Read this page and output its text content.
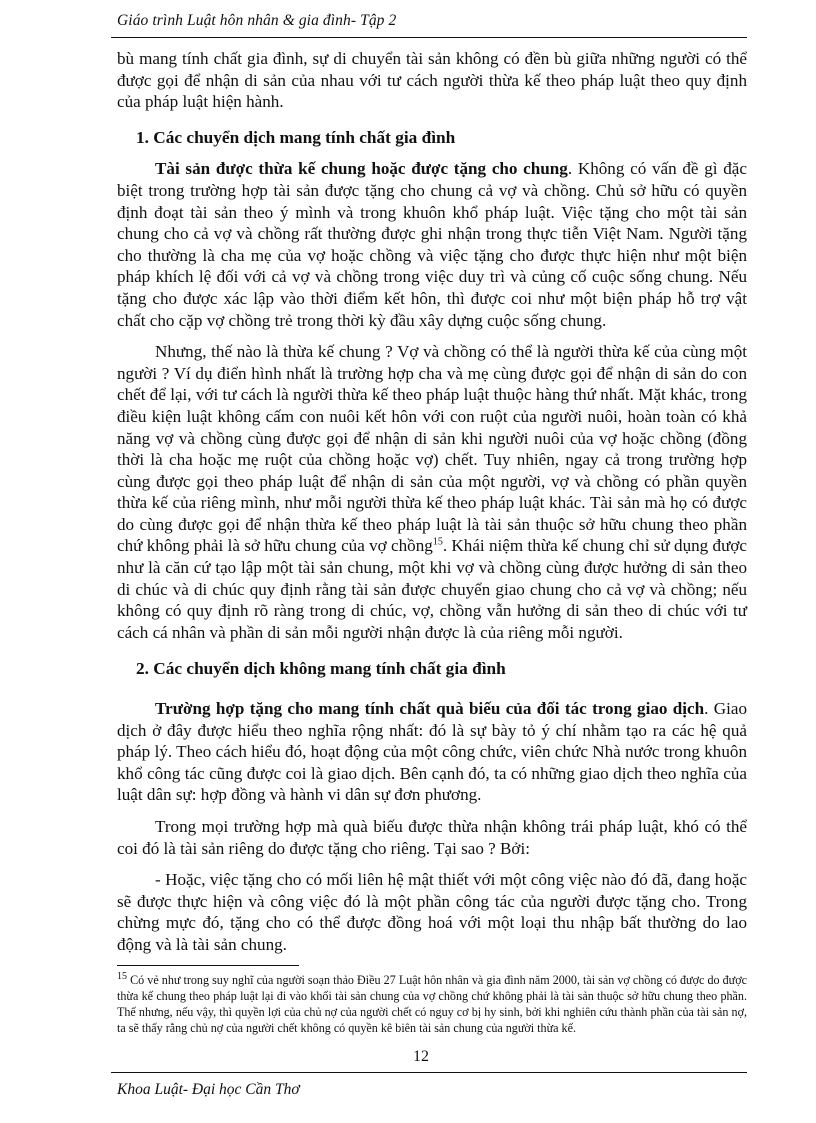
Giáo trình Luật hôn nhân & gia đình- Tập 2

bù mang tính chất gia đình, sự di chuyển tài sản không có đền bù giữa những người có thể được gọi để nhận di sản của nhau với tư cách người thừa kế theo pháp luật theo quy định của pháp luật hiện hành.

1. Các chuyển dịch mang tính chất gia đình

Tài sản được thừa kế chung hoặc được tặng cho chung. Không có vấn đề gì đặc biệt trong trường hợp tài sản được tặng cho chung cả vợ và chồng. Chủ sở hữu có quyền định đoạt tài sản theo ý mình và trong khuôn khổ pháp luật. Việc tặng cho một tài sản chung cho cả vợ và chồng rất thường được ghi nhận trong thực tiễn Việt Nam. Người tặng cho thường là cha mẹ của vợ hoặc chồng và việc tặng cho được thực hiện như một biện pháp khích lệ đối với cả vợ và chồng trong việc duy trì và củng cố cuộc sống chung. Nếu tặng cho được xác lập vào thời điểm kết hôn, thì được coi như một biện pháp hỗ trợ vật chất cho cặp vợ chồng trẻ trong thời kỳ đầu xây dựng cuộc sống chung.

Nhưng, thế nào là thừa kế chung ? Vợ và chồng có thể là người thừa kế của cùng một người ? Ví dụ điển hình nhất là trường hợp cha và mẹ cùng được gọi để nhận di sản do con chết để lại, với tư cách là người thừa kế theo pháp luật thuộc hàng thứ nhất. Mặt khác, trong điều kiện luật không cấm con nuôi kết hôn với con ruột của người nuôi, hoàn toàn có khả năng vợ và chồng cùng được gọi để nhận di sản khi người nuôi của vợ hoặc chồng (đồng thời là cha hoặc mẹ ruột của chồng hoặc vợ) chết. Tuy nhiên, ngay cả trong trường hợp cùng được gọi theo pháp luật để nhận di sản của một người, vợ và chồng có phần quyền thừa kế của riêng mình, như mỗi người thừa kế theo pháp luật khác. Tài sản mà họ có được do cùng được gọi để nhận thừa kế theo pháp luật là tài sản thuộc sở hữu chung theo phần chứ không phải là sở hữu chung của vợ chồng$^{15}$. Khái niệm thừa kế chung chỉ sử dụng được như là căn cứ tạo lập một tài sản chung, một khi vợ và chồng cùng được hưởng di sản theo di chúc và di chúc quy định rằng tài sản được chuyển giao chung cho cả vợ và chồng; nếu không có quy định rõ ràng trong di chúc, vợ, chồng vẫn hưởng di sản theo di chúc với tư cách cá nhân và phần di sản mỗi người nhận được là của riêng mỗi người.

2. Các chuyển dịch không mang tính chất gia đình

Trường hợp tặng cho mang tính chất quà biếu của đối tác trong giao dịch. Giao dịch ở đây được hiểu theo nghĩa rộng nhất: đó là sự bày tỏ ý chí nhằm tạo ra các hệ quả pháp lý. Theo cách hiểu đó, hoạt động của một công chức, viên chức Nhà nước trong khuôn khổ công tác cũng được coi là giao dịch. Bên cạnh đó, ta có những giao dịch theo nghĩa của luật dân sự: hợp đồng và hành vi dân sự đơn phương.

Trong mọi trường hợp mà quà biếu được thừa nhận không trái pháp luật, khó có thể coi đó là tài sản riêng do được tặng cho riêng. Tại sao ? Bởi:

- Hoặc, việc tặng cho có mối liên hệ mật thiết với một công việc nào đó đã, đang hoặc sẽ được thực hiện và công việc đó là một phần công tác của người được tặng cho. Trong chừng mực đó, tặng cho có thể được đồng hoá với một loại thu nhập bất thường do lao động và là tài sản chung.

$^{15}$ Có vẻ như trong suy nghĩ của người soạn thảo Điều 27 Luật hôn nhân và gia đình năm 2000, tài sản vợ chồng có được do được thừa kế chung theo pháp luật lại đi vào khối tài sản chung của vợ chồng chứ không phải là tài sản thuộc sở hữu chung theo phần. Thế nhưng, nếu vậy, thì quyền lợi của chủ nợ của người chết có nguy cơ bị hy sinh, bởi khi nghiên cứu thành phần của tài sản nợ, ta sẽ thấy rằng chủ nợ của người chết không có quyền kê biên tài sản chung của người thừa kế.

12
Khoa Luật- Đại học Cần Thơ
